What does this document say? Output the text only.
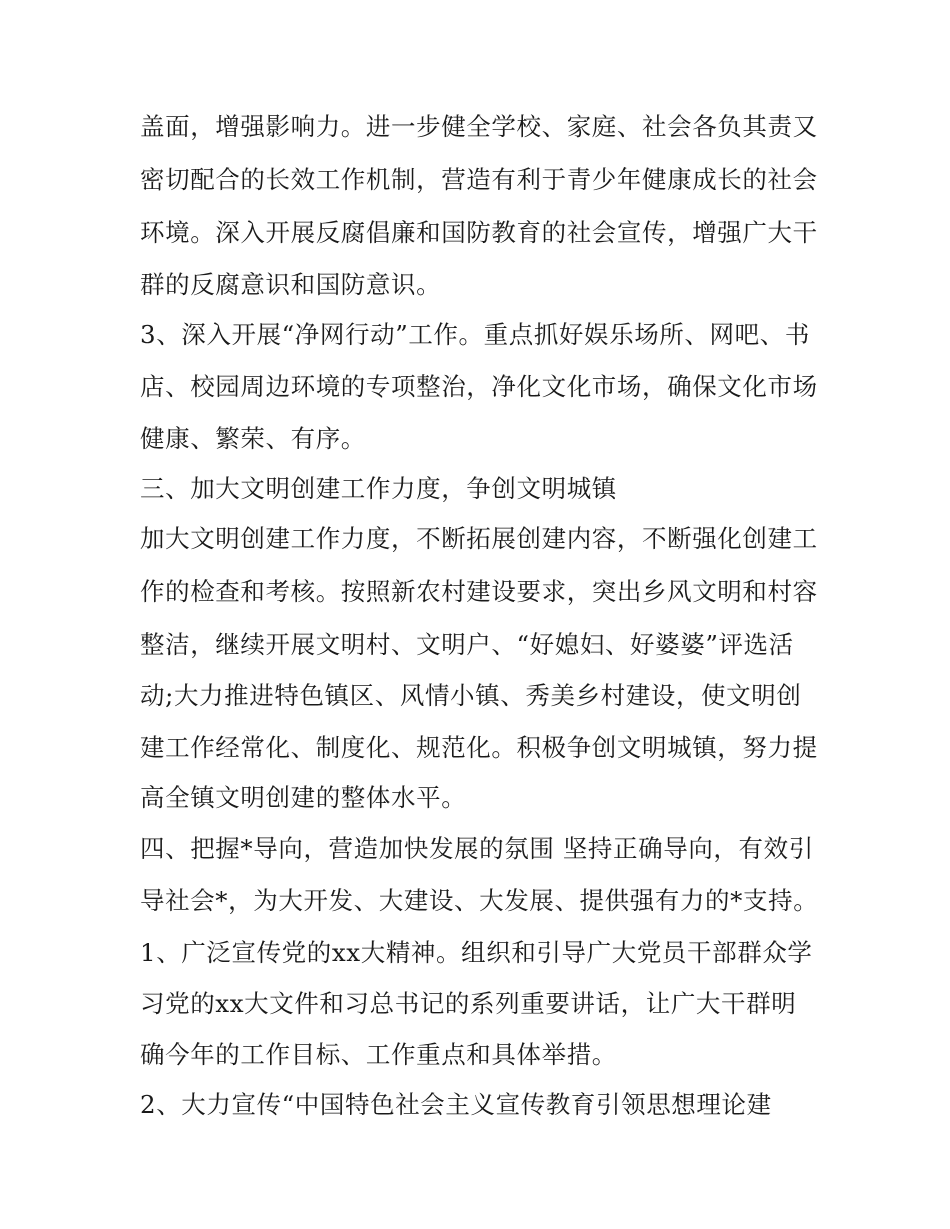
盖面，增强影响力。进一步健全学校、家庭、社会各负其责又
密切配合的长效工作机制，营造有利于青少年健康成长的社会
环境。深入开展反腐倡廉和国防教育的社会宣传，增强广大干
群的反腐意识和国防意识。
3、深入开展“净网行动”工作。重点抓好娱乐场所、网吧、书
店、校园周边环境的专项整治，净化文化市场，确保文化市场
健康、繁荣、有序。
三、加大文明创建工作力度，争创文明城镇
加大文明创建工作力度，不断拓展创建内容，不断强化创建工
作的检查和考核。按照新农村建设要求，突出乡风文明和村容
整洁，继续开展文明村、文明户、“好媳妇、好婆婆”评选活
动;大力推进特色镇区、风情小镇、秀美乡村建设，使文明创
建工作经常化、制度化、规范化。积极争创文明城镇，努力提
高全镇文明创建的整体水平。
四、把握*导向，营造加快发展的氛围 坚持正确导向，有效引
导社会*，为大开发、大建设、大发展、提供强有力的*支持。
1、广泛宣传党的xx大精神。组织和引导广大党员干部群众学
习党的xx大文件和习总书记的系列重要讲话，让广大干群明
确今年的工作目标、工作重点和具体举措。
2、大力宣传“中国特色社会主义宣传教育引领思想理论建
